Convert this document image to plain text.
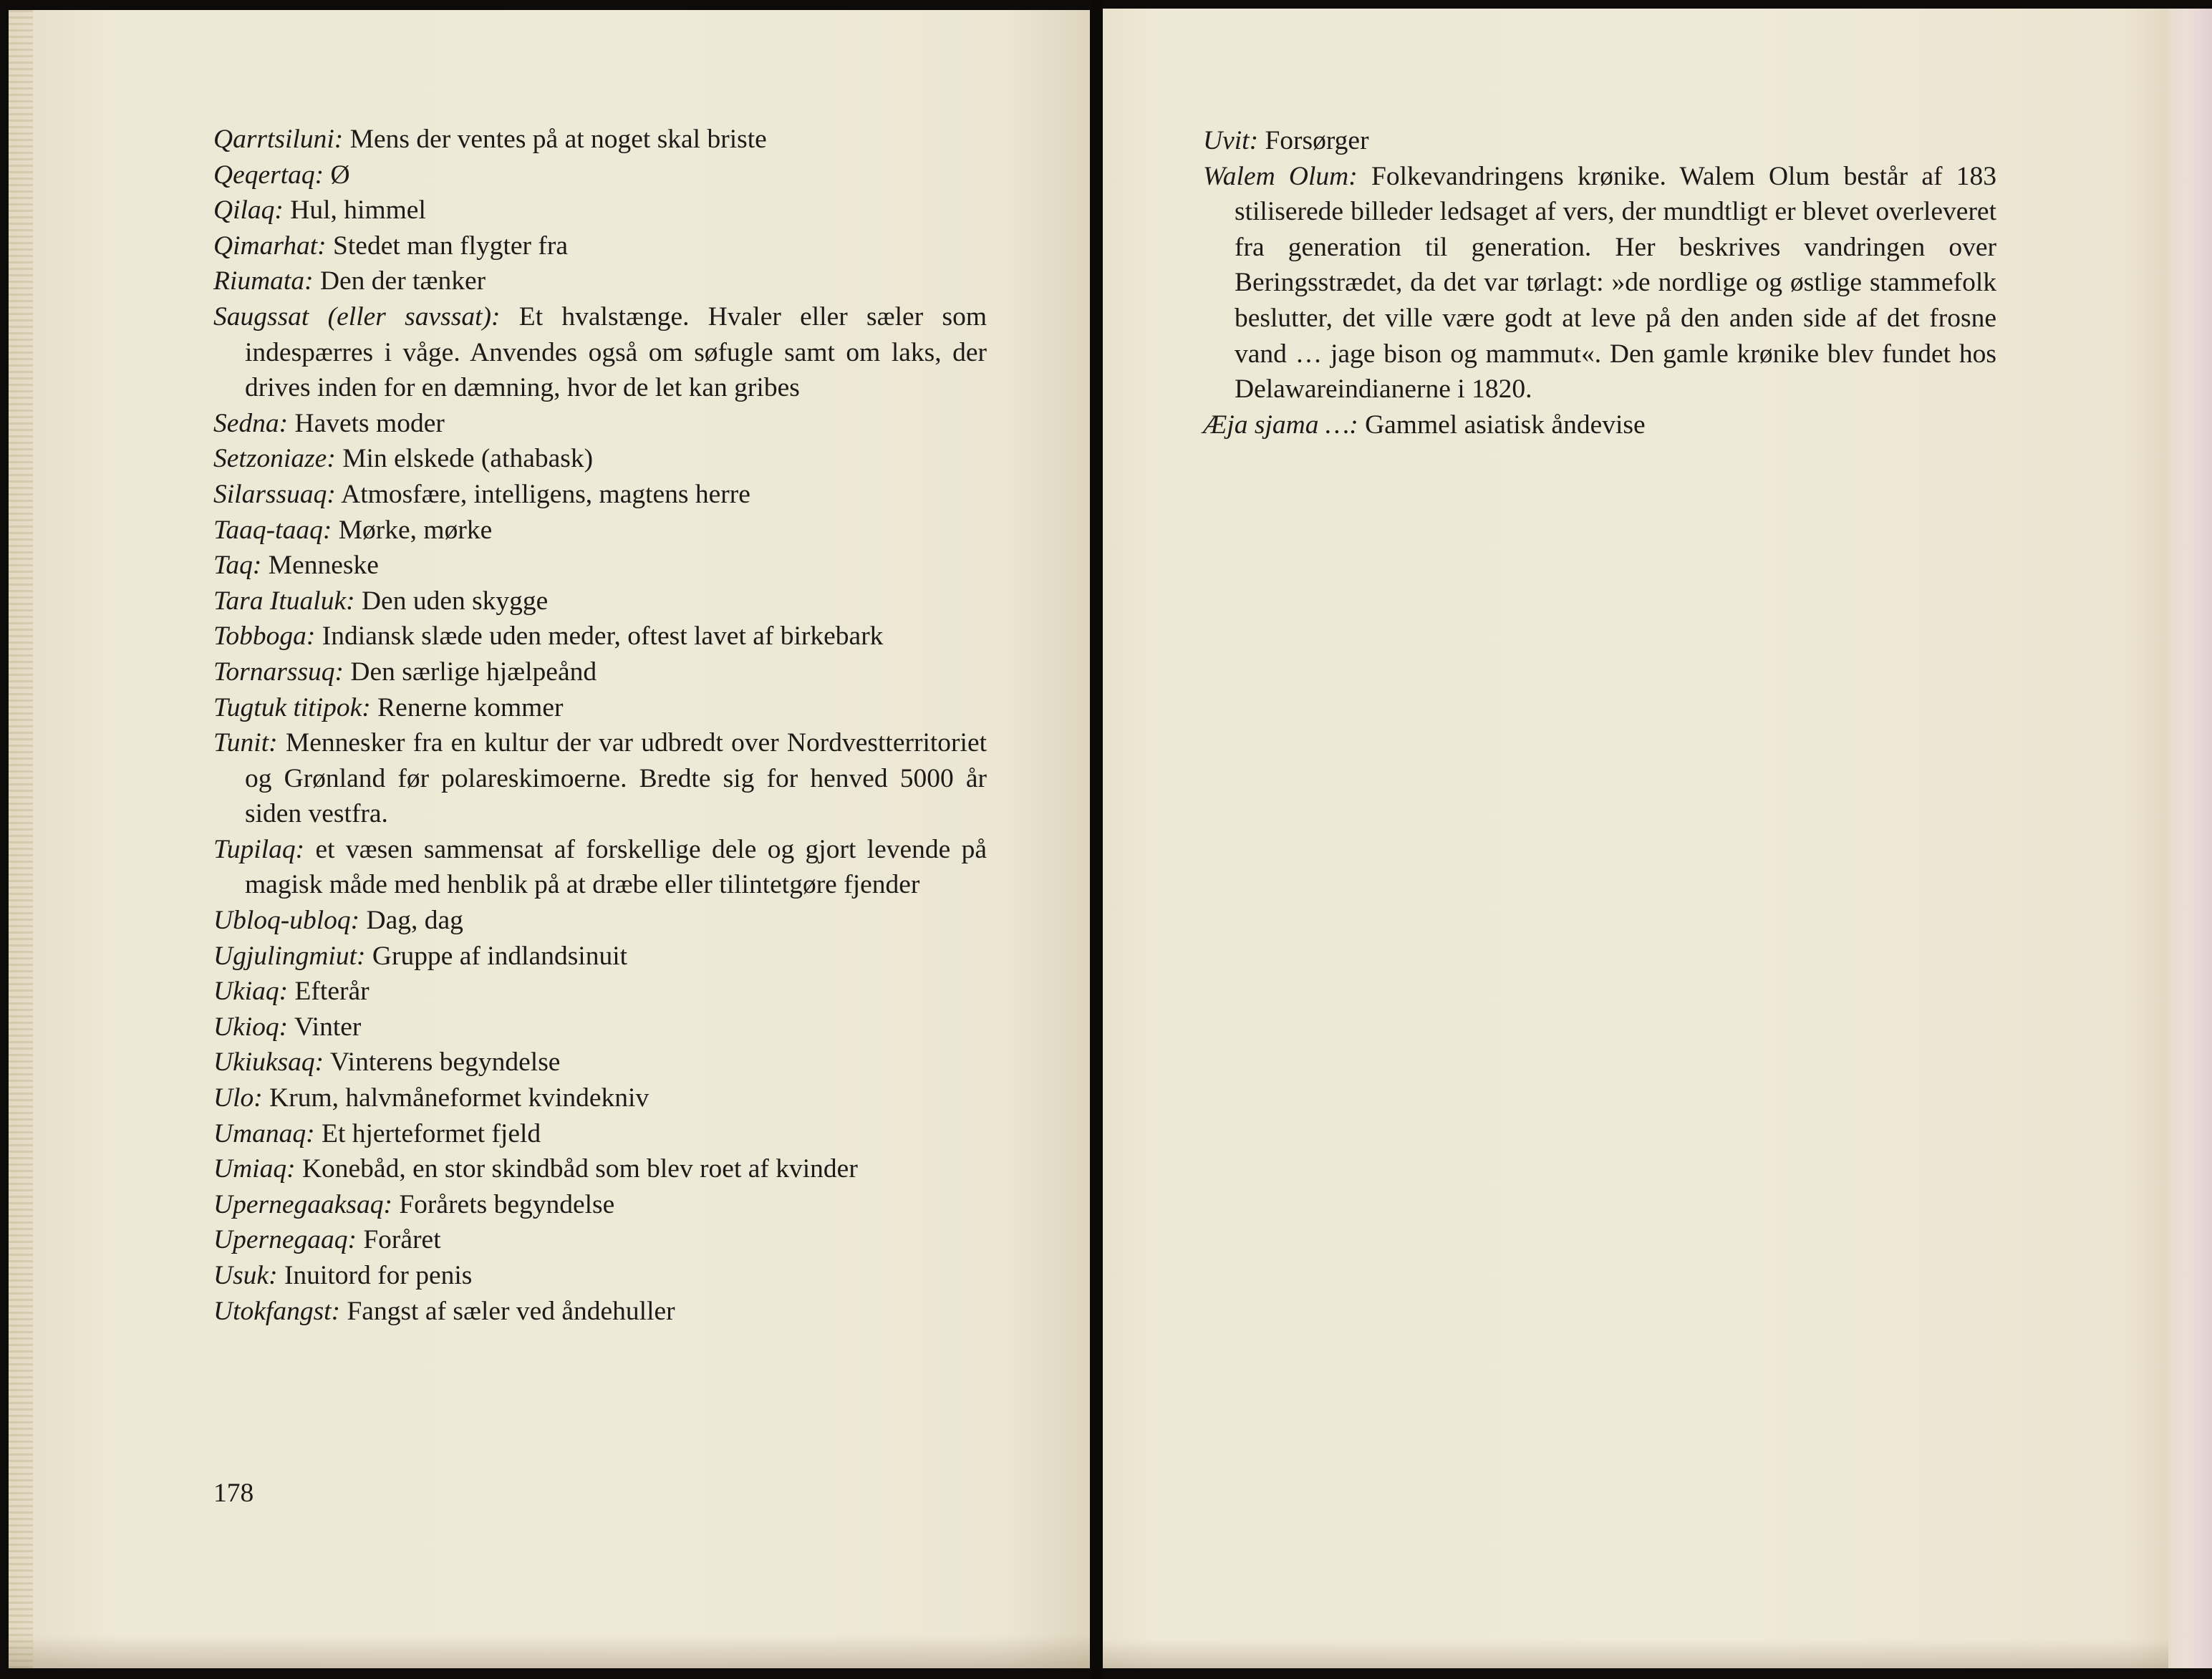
Qarrtsiluni: Mens der ventes på at noget skal briste

Qeqertaq: Ø

Qilaq: Hul, himmel

Qimarhat: Stedet man flygter fra

Riumata: Den der tænker

Saugssat (eller savssat): Et hvalstænge. Hvaler eller sæler som indespærres i våge. Anvendes også om søfugle samt om laks, der drives inden for en dæmning, hvor de let kan gribes

Sedna: Havets moder

Setzoniaze: Min elskede (athabask)

Silarssuaq: Atmosfære, intelligens, magtens herre

Taaq-taaq: Mørke, mørke

Taq: Menneske

Tara Itualuk: Den uden skygge

Tobboga: Indiansk slæde uden meder, oftest lavet af birkebark

Tornarssuq: Den særlige hjælpeånd

Tugtuk titipok: Renerne kommer

Tunit: Mennesker fra en kultur der var udbredt over Nordvestterritoriet og Grønland før polareskimoerne. Bredte sig for henved 5000 år siden vestfra.

Tupilaq: et væsen sammensat af forskellige dele og gjort levende på magisk måde med henblik på at dræbe eller tilintetgøre fjender

Ubloq-ubloq: Dag, dag

Ugjulingmiut: Gruppe af indlandsinuit

Ukiaq: Efterår

Ukioq: Vinter

Ukiuksaq: Vinterens begyndelse

Ulo: Krum, halvmåneformet kvindekniv

Umanaq: Et hjerteformet fjeld

Umiaq: Konebåd, en stor skindbåd som blev roet af kvinder

Upernegaaksaq: Forårets begyndelse

Upernegaaq: Foråret

Usuk: Inuitord for penis

Utokfangst: Fangst af sæler ved åndehuller

178

Uvit: Forsørger

Walem Olum: Folkevandringens krønike. Walem Olum består af 183 stiliserede billeder ledsaget af vers, der mundtligt er blevet overleveret fra generation til generation. Her beskrives vandringen over Beringsstrædet, da det var tørlagt: »de nordlige og østlige stammefolk beslutter, det ville være godt at leve på den anden side af det frosne vand … jage bison og mammut«. Den gamle krønike blev fundet hos Delawareindianerne i 1820.

Æja sjama …: Gammel asiatisk åndevise
